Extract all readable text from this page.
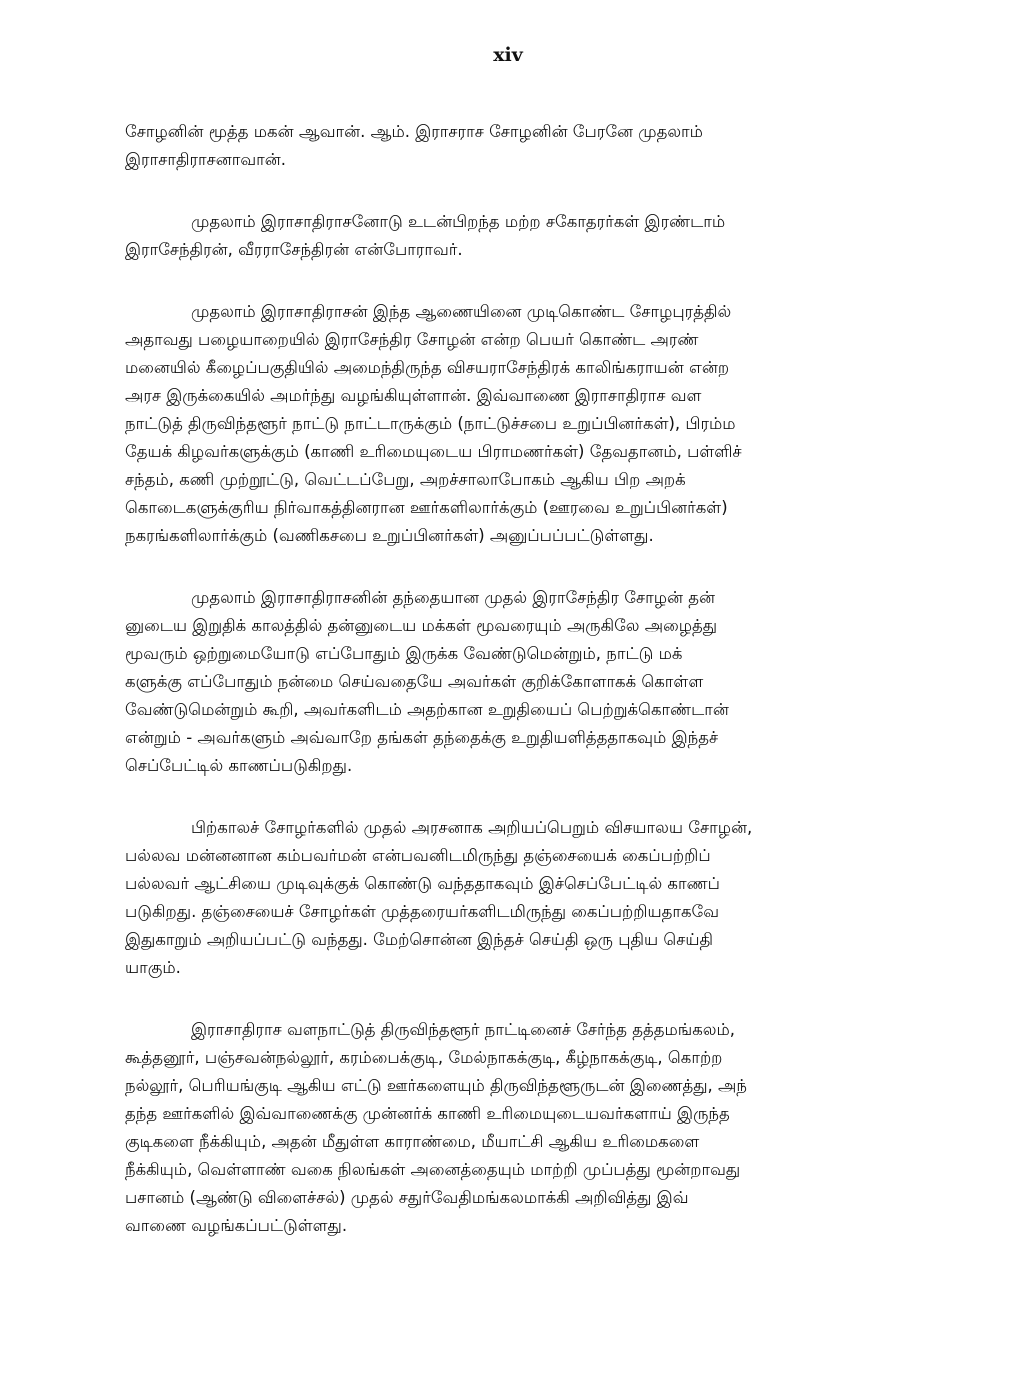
xiv
சோழனின் மூத்த மகன் ஆவான். ஆம். இராசராச சோழனின் பேரனே முதலாம்
இராசாதிராசனாவான்.
முதலாம் இராசாதிராசனோடு உடன்பிறந்த மற்ற சகோதரர்கள் இரண்டாம்
இராசேந்திரன், வீரராசேந்திரன் என்போராவர்.
முதலாம் இராசாதிராசன் இந்த ஆணையினை முடிகொண்ட சோழபுரத்தில்
அதாவது பழையாறையில் இராசேந்திர சோழன் என்ற பெயர் கொண்ட அரண்
மனையில் கீழைப்பகுதியில் அமைந்திருந்த விசயராசேந்திரக் காலிங்கராயன் என்ற
அரச இருக்கையில் அமர்ந்து வழங்கியுள்ளான். இவ்வாணை இராசாதிராச வள
நாட்டுத் திருவிந்தளூர் நாட்டு நாட்டாருக்கும் (நாட்டுச்சபை உறுப்பினர்கள்), பிரம்ம
தேயக் கிழவர்களுக்கும் (காணி உரிமையுடைய பிராமணர்கள்) தேவதானம், பள்ளிச்
சந்தம், கணி முற்றூட்டு, வெட்டப்பேறு, அறச்சாலாபோகம் ஆகிய பிற அறக்
கொடைகளுக்குரிய நிர்வாகத்தினரான ஊர்களிலார்க்கும் (ஊரவை உறுப்பினர்கள்)
நகரங்களிலார்க்கும் (வணிகசபை உறுப்பினர்கள்) அனுப்பப்பட்டுள்ளது.
முதலாம் இராசாதிராசனின் தந்தையான முதல் இராசேந்திர சோழன் தன்
னுடைய இறுதிக் காலத்தில் தன்னுடைய மக்கள் மூவரையும் அருகிலே அழைத்து
மூவரும் ஒற்றுமையோடு எப்போதும் இருக்க வேண்டுமென்றும், நாட்டு மக்
களுக்கு எப்போதும் நன்மை செய்வதையே அவர்கள் குறிக்கோளாகக் கொள்ள
வேண்டுமென்றும் கூறி, அவர்களிடம் அதற்கான உறுதியைப் பெற்றுக்கொண்டான்
என்றும் - அவர்களும் அவ்வாறே தங்கள் தந்தைக்கு உறுதியளித்ததாகவும் இந்தச்
செப்பேட்டில் காணப்படுகிறது.
பிற்காலச் சோழர்களில் முதல் அரசனாக அறியப்பெறும் விசயாலய சோழன்,
பல்லவ மன்னனான கம்பவர்மன் என்பவனிடமிருந்து தஞ்சையைக் கைப்பற்றிப்
பல்லவர் ஆட்சியை முடிவுக்குக் கொண்டு வந்ததாகவும் இச்செப்பேட்டில் காணப்
படுகிறது. தஞ்சையைச் சோழர்கள் முத்தரையர்களிடமிருந்து கைப்பற்றியதாகவே
இதுகாறும் அறியப்பட்டு வந்தது. மேற்சொன்ன இந்தச் செய்தி ஒரு புதிய செய்தி
யாகும்.
இராசாதிராச வளநாட்டுத் திருவிந்தளூர் நாட்டினைச் சேர்ந்த தத்தமங்கலம்,
கூத்தனூர், பஞ்சவன்நல்லூர், கரம்பைக்குடி, மேல்நாகக்குடி, கீழ்நாகக்குடி, கொற்ற
நல்லூர், பெரியங்குடி ஆகிய எட்டு ஊர்களையும் திருவிந்தளூருடன் இணைத்து, அந்
தந்த ஊர்களில் இவ்வாணைக்கு முன்னர்க் காணி உரிமையுடையவர்களாய் இருந்த
குடிகளை நீக்கியும், அதன் மீதுள்ள காராண்மை, மீயாட்சி ஆகிய உரிமைகளை
நீக்கியும், வெள்ளாண் வகை நிலங்கள் அனைத்தையும் மாற்றி முப்பத்து மூன்றாவது
பசானம் (ஆண்டு விளைச்சல்) முதல் சதுர்வேதிமங்கலமாக்கி அறிவித்து இவ்
வாணை வழங்கப்பட்டுள்ளது.
